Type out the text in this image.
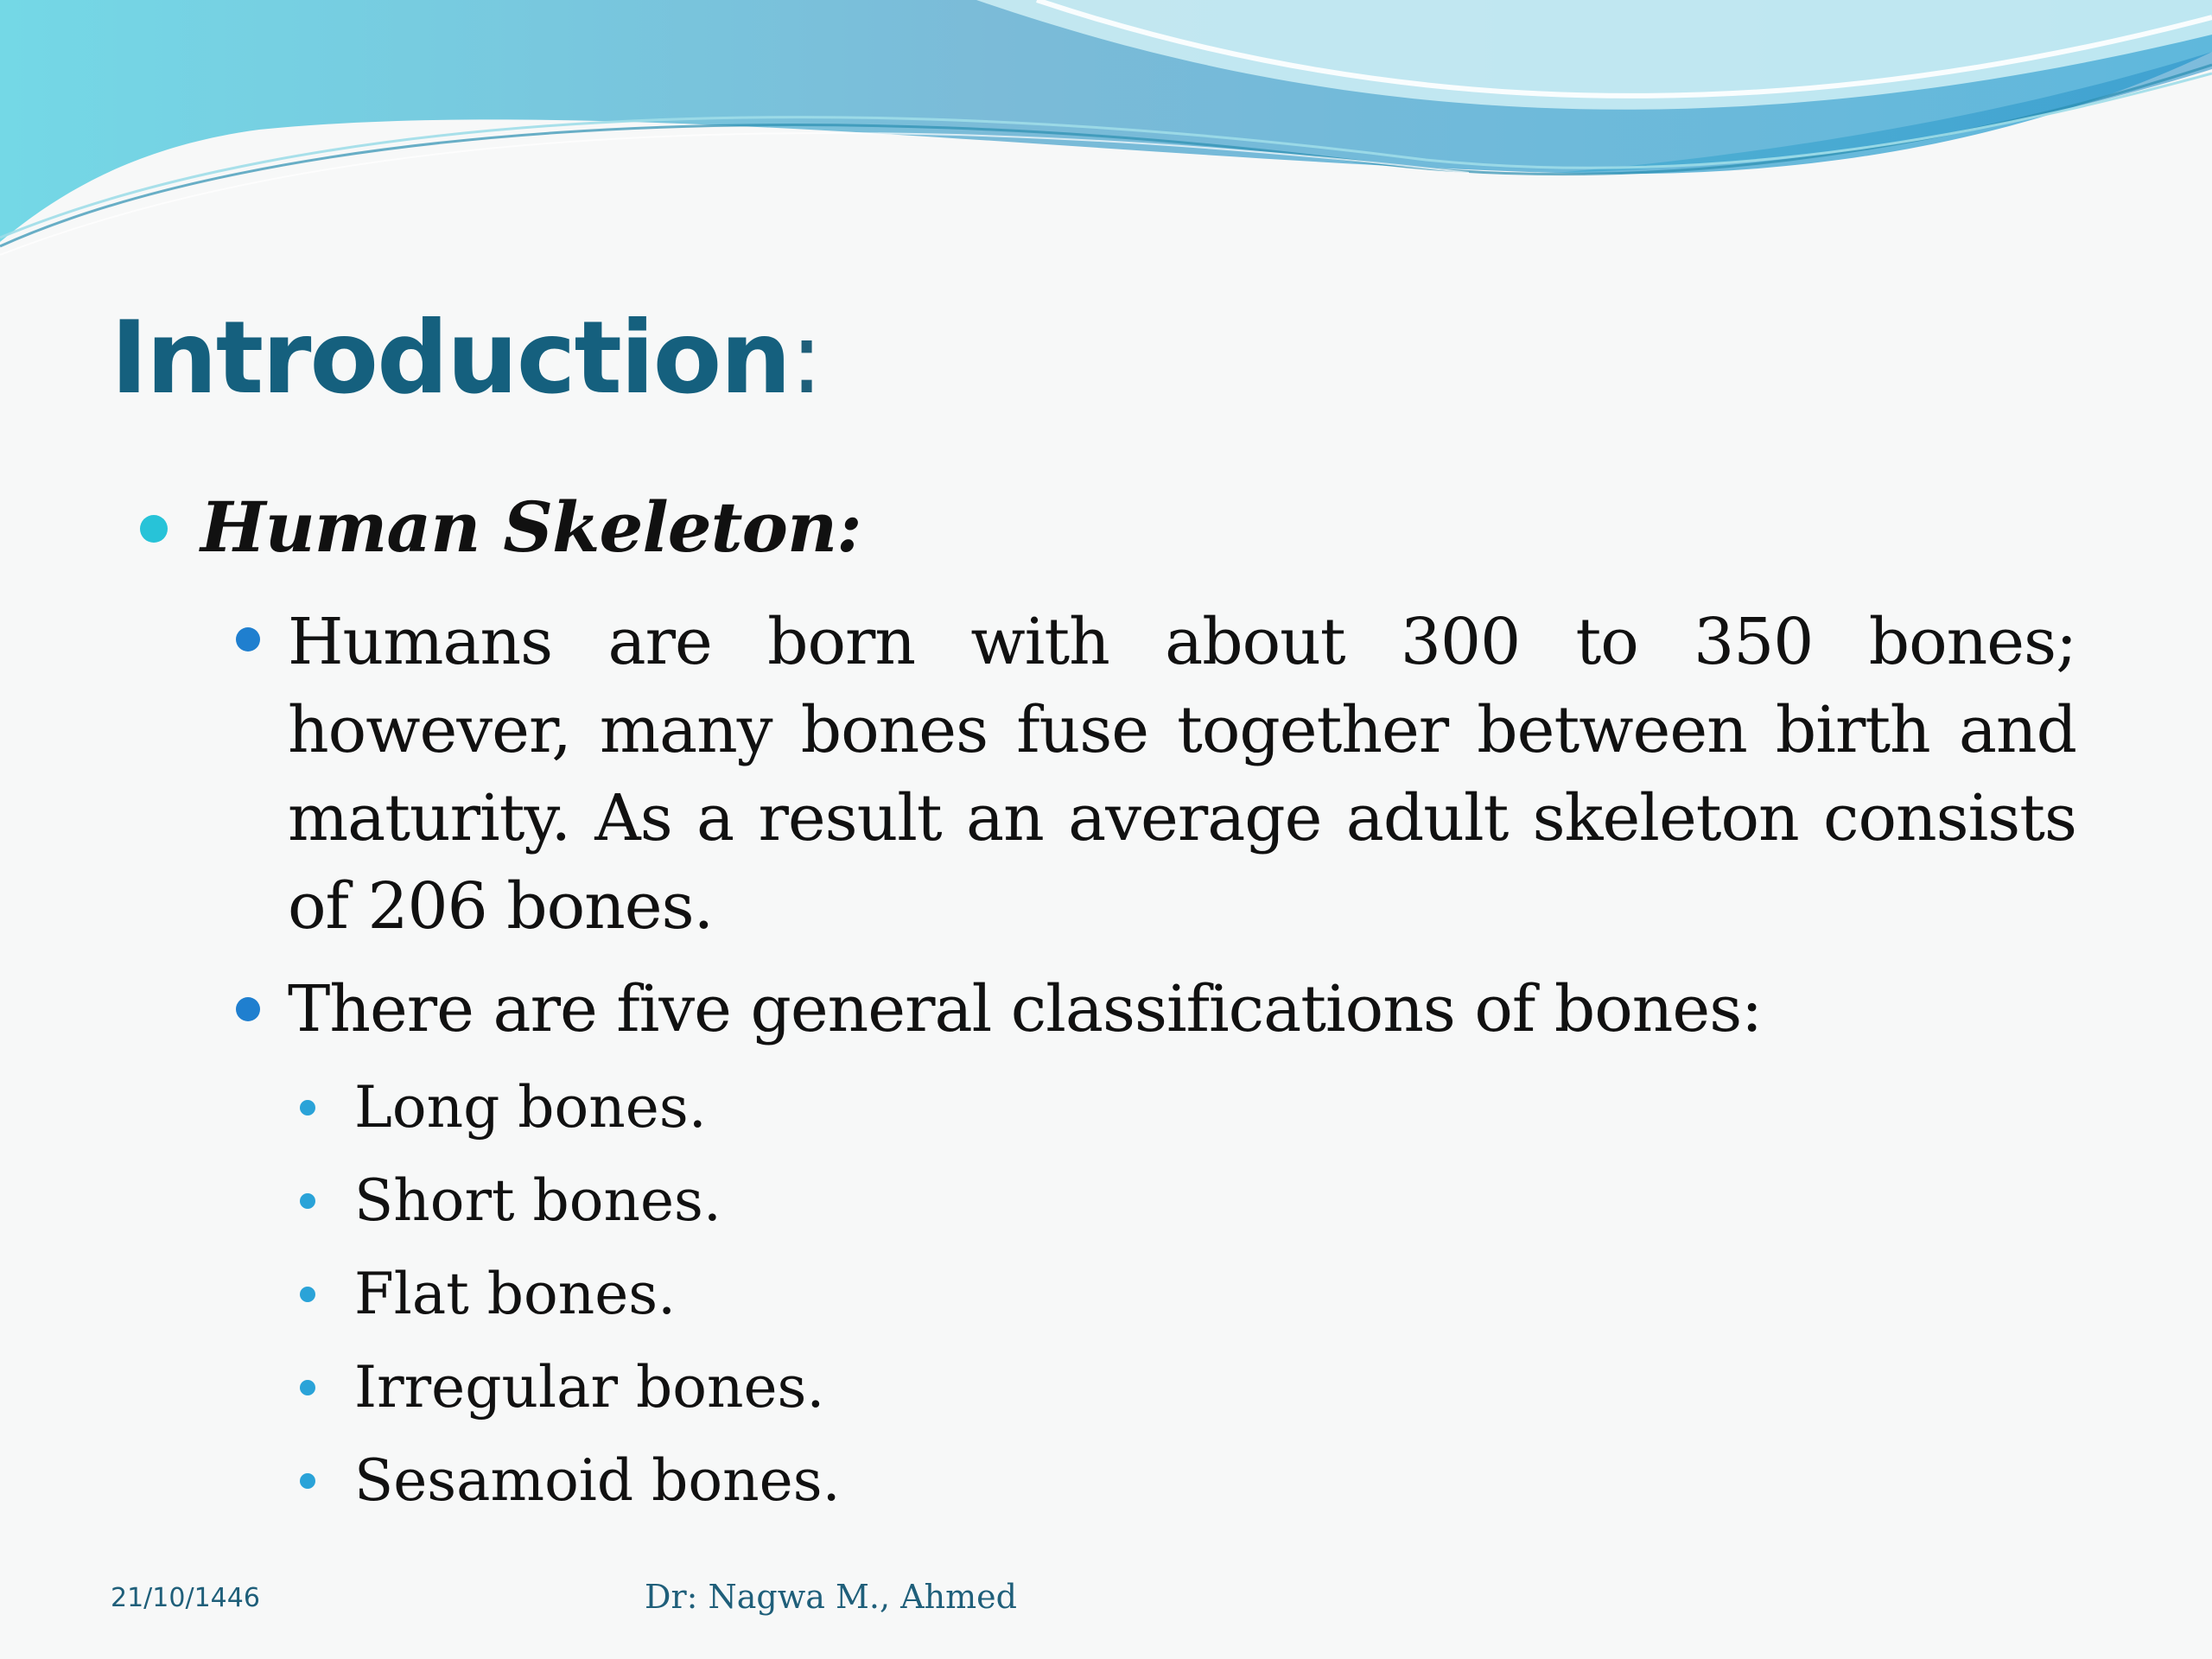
Introduction:
Human Skeleton:
Humans are born with about 300 to 350 bones; however, many bones fuse together between birth and maturity. As a result an average adult skeleton consists of 206 bones.
There are five general classifications of bones:
Long bones.
Short bones.
Flat bones.
Irregular bones.
Sesamoid bones.
21/10/1446	Dr: Nagwa M., Ahmed
